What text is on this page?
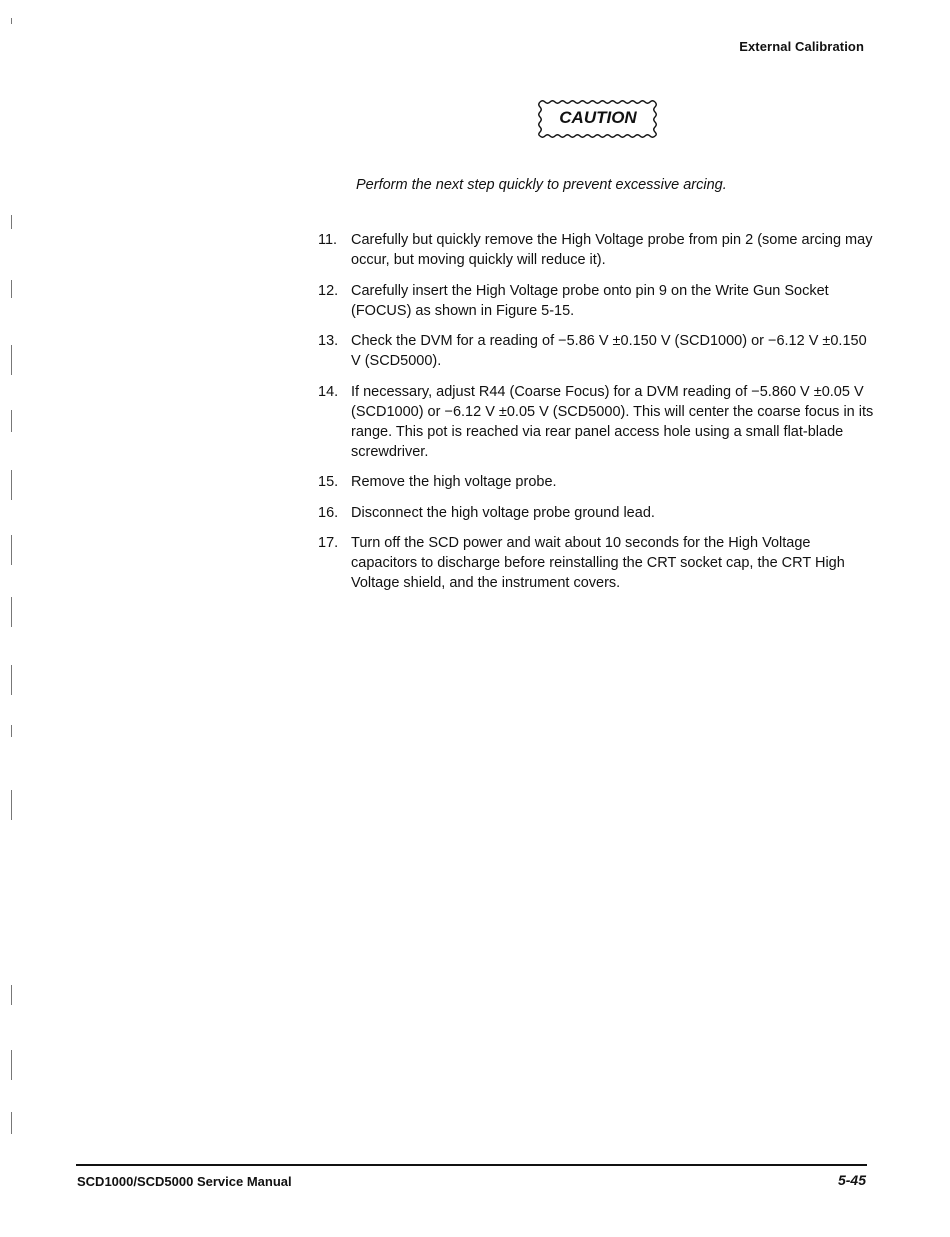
External Calibration
CAUTION
Perform the next step quickly to prevent excessive arcing.
11. Carefully but quickly remove the High Voltage probe from pin 2 (some arcing may occur, but moving quickly will reduce it).
12. Carefully insert the High Voltage probe onto pin 9 on the Write Gun Socket (FOCUS) as shown in Figure 5-15.
13. Check the DVM for a reading of −5.86 V ±0.150 V (SCD1000) or −6.12 V ±0.150 V (SCD5000).
14. If necessary, adjust R44 (Coarse Focus) for a DVM reading of −5.860 V ±0.05 V (SCD1000) or −6.12 V ±0.05 V (SCD5000). This will center the coarse focus in its range. This pot is reached via rear panel access hole using a small flat-blade screwdriver.
15. Remove the high voltage probe.
16. Disconnect the high voltage probe ground lead.
17. Turn off the SCD power and wait about 10 seconds for the High Voltage capacitors to discharge before reinstalling the CRT socket cap, the CRT High Voltage shield, and the instrument covers.
SCD1000/SCD5000 Service Manual	5-45
